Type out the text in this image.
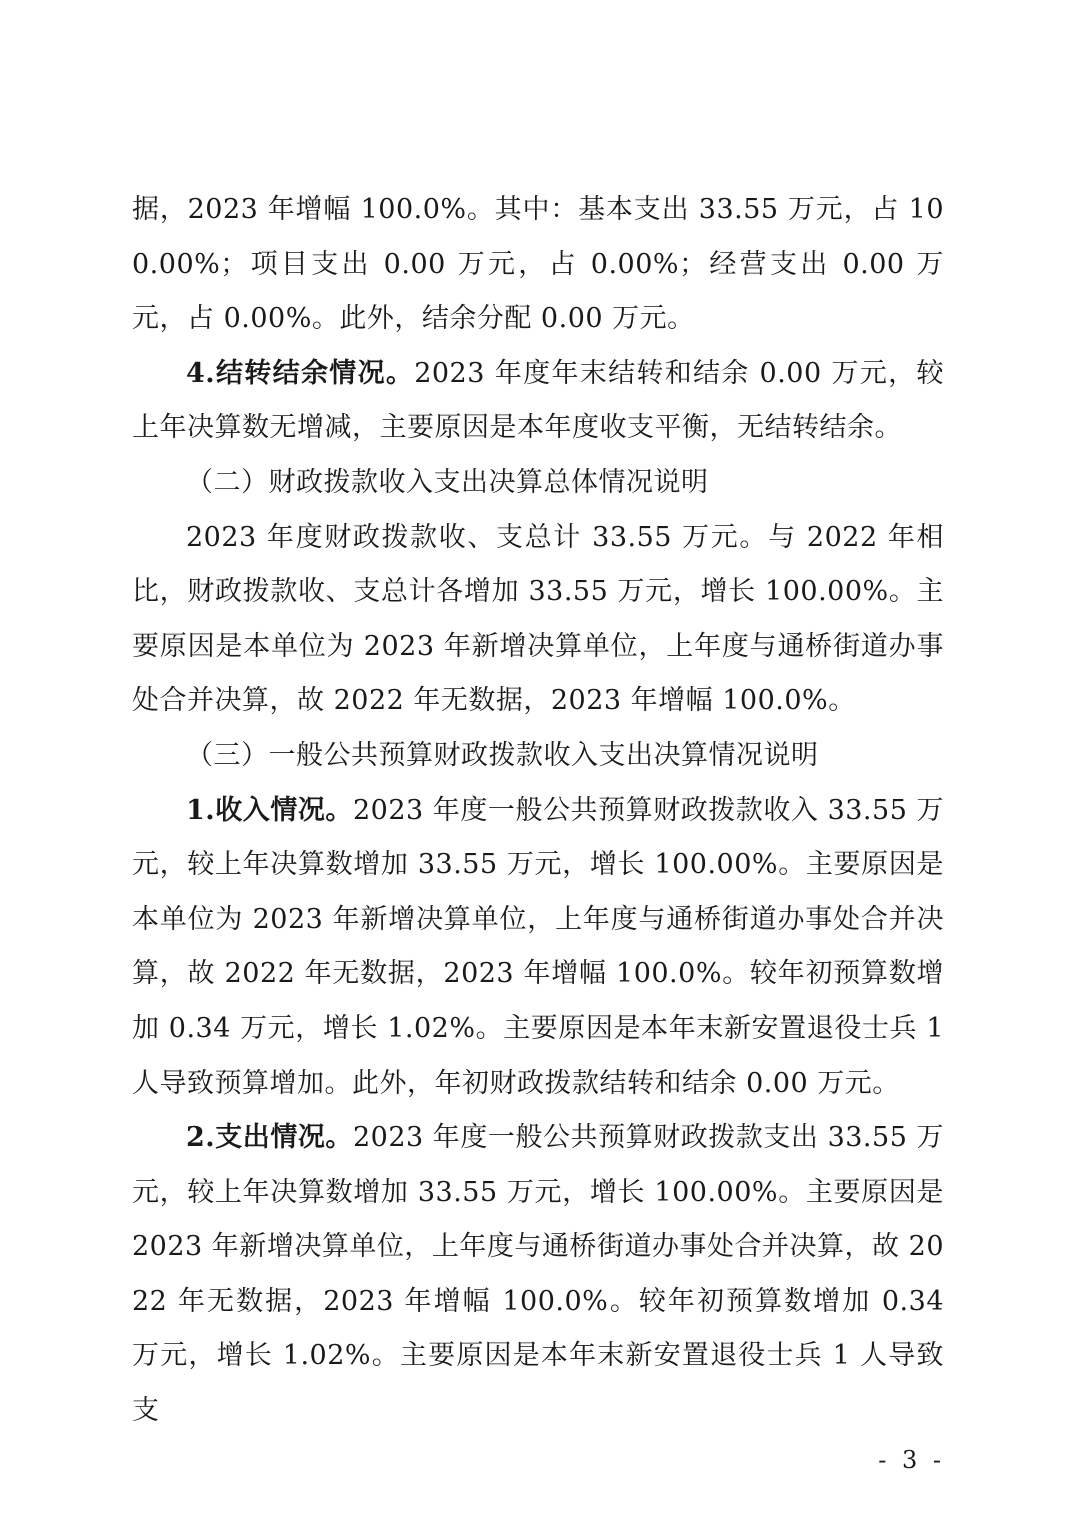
据，2023 年增幅 100.0%。其中：基本支出 33.55 万元，占 100.00%；项目支出 0.00 万元，占 0.00%；经营支出 0.00 万元，占 0.00%。此外，结余分配 0.00 万元。

4.结转结余情况。2023 年度年末结转和结余 0.00 万元，较上年决算数无增减，主要原因是本年度收支平衡，无结转结余。

（二）财政拨款收入支出决算总体情况说明

2023 年度财政拨款收、支总计 33.55 万元。与 2022 年相比，财政拨款收、支总计各增加 33.55 万元，增长 100.00%。主要原因是本单位为 2023 年新增决算单位，上年度与通桥街道办事处合并决算，故 2022 年无数据，2023 年增幅 100.0%。

（三）一般公共预算财政拨款收入支出决算情况说明

1.收入情况。2023 年度一般公共预算财政拨款收入 33.55 万元，较上年决算数增加 33.55 万元，增长 100.00%。主要原因是本单位为 2023 年新增决算单位，上年度与通桥街道办事处合并决算，故 2022 年无数据，2023 年增幅 100.0%。较年初预算数增加 0.34 万元，增长 1.02%。主要原因是本年末新安置退役士兵 1 人导致预算增加。此外，年初财政拨款结转和结余 0.00 万元。

2.支出情况。2023 年度一般公共预算财政拨款支出 33.55 万元，较上年决算数增加 33.55 万元，增长 100.00%。主要原因是 2023 年新增决算单位，上年度与通桥街道办事处合并决算，故 2022 年无数据，2023 年增幅 100.0%。较年初预算数增加 0.34 万元，增长 1.02%。主要原因是本年末新安置退役士兵 1 人导致支

- 3 -
